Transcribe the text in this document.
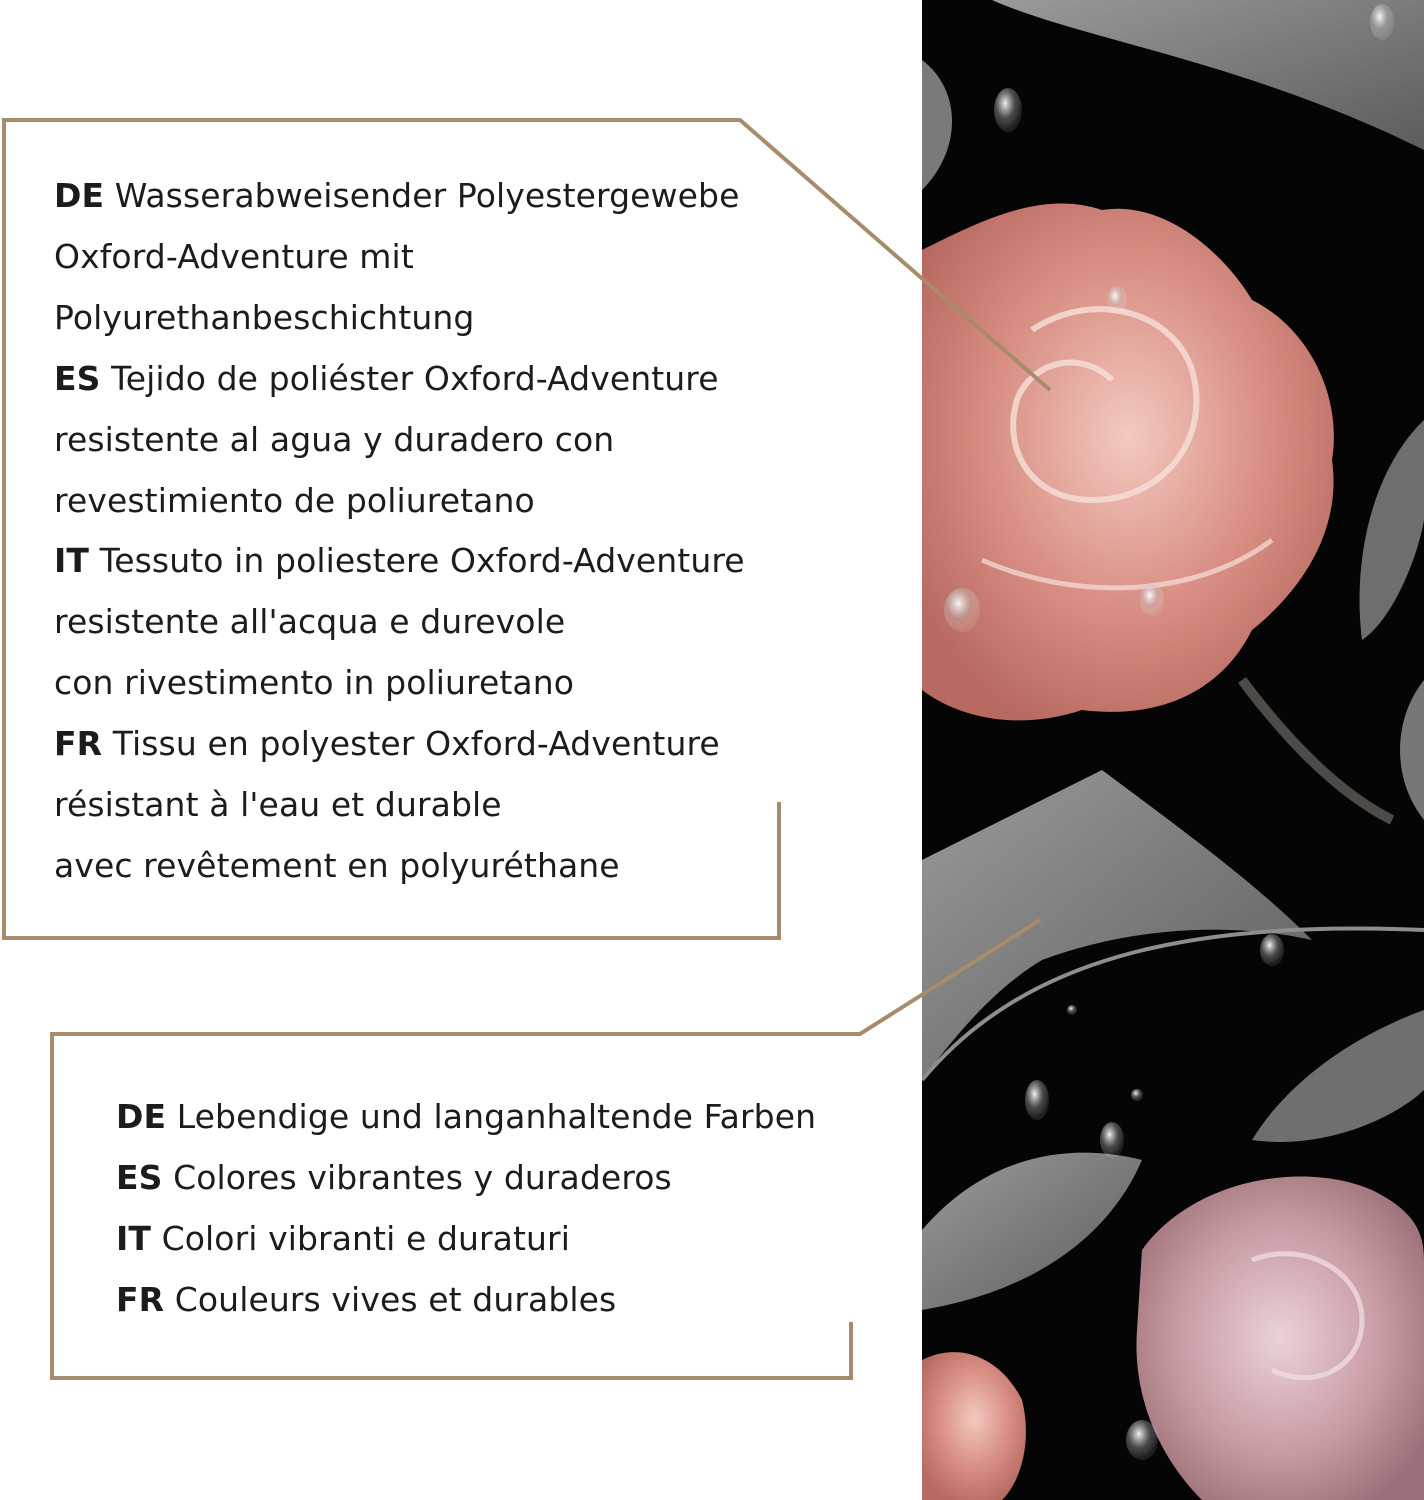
DE Wasserabweisender Polyestergewebe
Oxford-Adventure mit
Polyurethanbeschichtung
ES Tejido de poliéster Oxford-Adventure
resistente al agua y duradero con
revestimiento de poliuretano
IT Tessuto in poliestere Oxford-Adventure
resistente all'acqua e durevole
con rivestimento in poliuretano
FR Tissu en polyester Oxford-Adventure
résistant à l'eau et durable
avec revêtement en polyuréthane
DE Lebendige und langanhaltende Farben
ES Colores vibrantes y duraderos
IT Colori vibranti e duraturi
FR Couleurs vives et durables
